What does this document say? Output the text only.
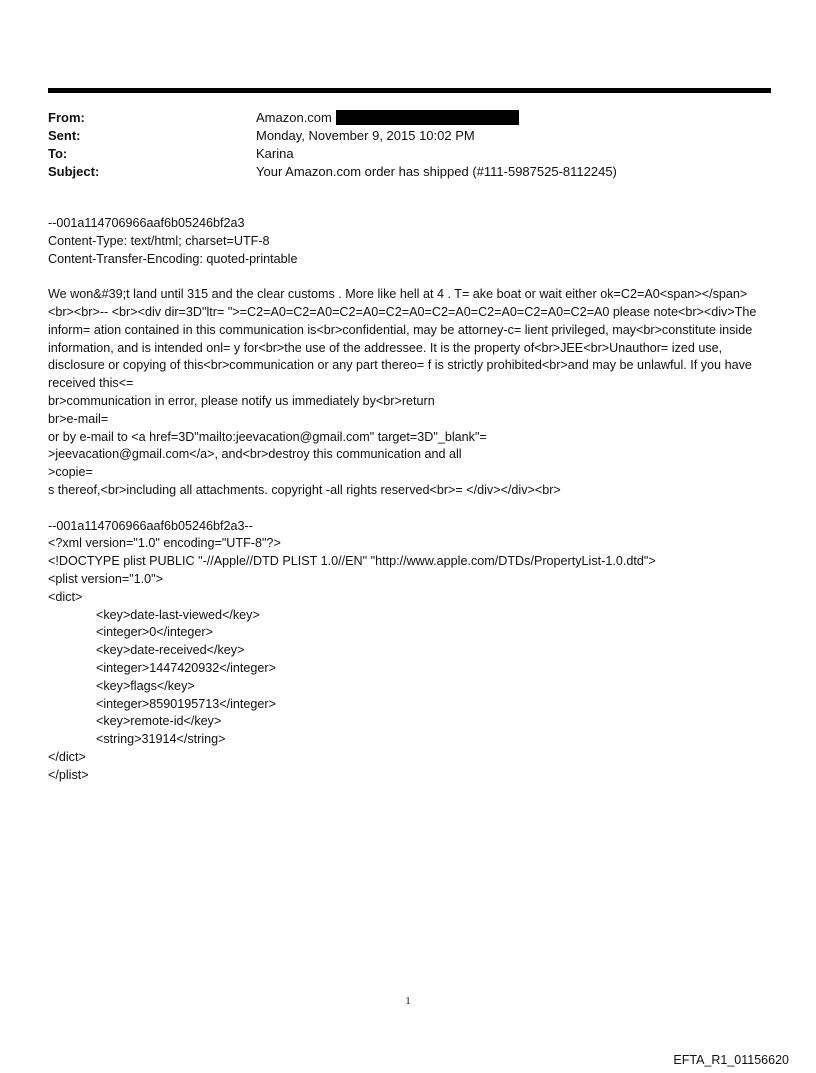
From:	Amazon.com
Sent:	Monday, November 9, 2015 10:02 PM
To:	Karina
Subject:	Your Amazon.com order has shipped (#111-5987525-8112245)
--001a114706966aaf6b05246bf2a3
Content-Type: text/html; charset=UTF-8
Content-Transfer-Encoding: quoted-printable
We won&#39;t land until 315 and the clear customs . More like hell at 4 . T= ake boat or wait either ok=C2=A0<span></span><br><br>-- <br><div dir=3D"ltr= ">=C2=A0=C2=A0=C2=A0=C2=A0=C2=A0=C2=A0=C2=A0=C2=A0 please note<br><div>The inform= ation contained in this communication is<br>confidential, may be attorney-c= lient privileged, may<br>constitute inside information, and is intended onl= y for<br>the use of the addressee. It is the property of<br>JEE<br>Unauthor= ized use, disclosure or copying of this<br>communication or any part thereo= f is strictly prohibited<br>and may be unlawful. If you have received this<=
br>communication in error, please notify us immediately by<br>return
br>e-mail=
or by e-mail to <a href=3D"mailto:jeevacation@gmail.com" target=3D"_blank"=
>jeevacation@gmail.com</a>, and<br>destroy this communication and all
>copie=
s thereof,<br>including all attachments. copyright -all rights reserved<br>= </div></div><br>
--001a114706966aaf6b05246bf2a3--
<?xml version="1.0" encoding="UTF-8"?>
<!DOCTYPE plist PUBLIC "-//Apple//DTD PLIST 1.0//EN" "http://www.apple.com/DTDs/PropertyList-1.0.dtd">
<plist version="1.0">
<dict>
<key>date-last-viewed</key>
<integer>0</integer>
<key>date-received</key>
<integer>1447420932</integer>
<key>flags</key>
<integer>8590195713</integer>
<key>remote-id</key>
<string>31914</string>
</dict>
</plist>
1
EFTA_R1_01156620
